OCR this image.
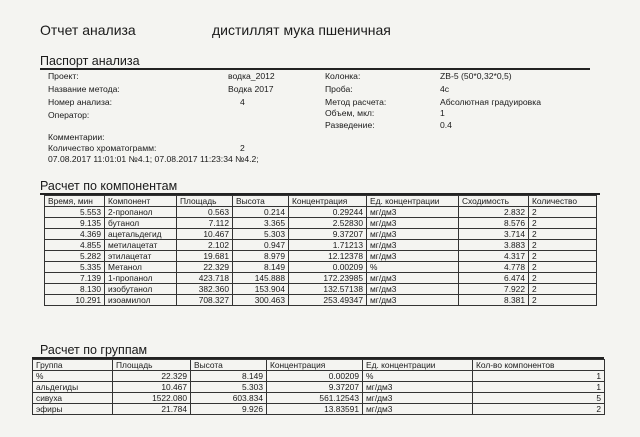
Отчет анализа	дистиллят мука пшеничная
Паспорт анализа
Проект:	водка_2012
Название метода:	Водка 2017
Номер анализа:	4
Оператор:
Колонка:	ZB-5 (50*0,32*0,5)
Проба:	4с
Метод расчета:	Абсолютная градуировка
Объем, мкл:	1
Разведение:	0.4
Комментарии:
Количество хроматограмм:	2
07.08.2017 11:01:01 №4.1; 07.08.2017 11:23:34 №4.2;
Расчет по компонентам
Время, мин	Компонент	Площадь	Высота	Концентрация	Ед. концентрации	Сходимость	Количество
5.553	2-пропанол	0.563	0.214	0.29244	мг/дм3	2.832	2
9.135	бутанол	7.112	3.365	2.52830	мг/дм3	8.576	2
4.369	ацетальдегид	10.467	5.303	9.37207	мг/дм3	3.714	2
4.855	метилацетат	2.102	0.947	1.71213	мг/дм3	3.883	2
5.282	этилацетат	19.681	8.979	12.12378	мг/дм3	4.317	2
5.335	Метанол	22.329	8.149	0.00209	%	4.778	2
7.139	1-пропанол	423.718	145.888	172.23985	мг/дм3	6.474	2
8.130	изобутанол	382.360	153.904	132.57138	мг/дм3	7.922	2
10.291	изоамилол	708.327	300.463	253.49347	мг/дм3	8.381	2
Расчет по группам
Группа	Площадь	Высота	Концентрация	Ед. концентрации	Кол-во компонентов
%	22.329	8.149	0.00209	%	1
альдегиды	10.467	5.303	9.37207	мг/дм3	1
сивуха	1522.080	603.834	561.12543	мг/дм3	5
эфиры	21.784	9.926	13.83591	мг/дм3	2
